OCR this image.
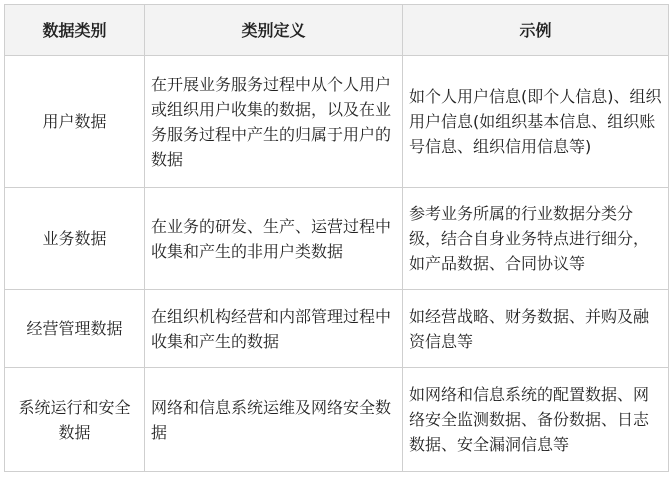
数据类别	类别定义	示例
用户数据	在开展业务服务过程中从个人用户或组织用户收集的数据，以及在业务服务过程中产生的归属于用户的数据	如个人用户信息(即个人信息)、组织用户信息(如组织基本信息、组织账号信息、组织信用信息等)
业务数据	在业务的研发、生产、运营过程中收集和产生的非用户类数据	参考业务所属的行业数据分类分级，结合自身业务特点进行细分，如产品数据、合同协议等
经营管理数据	在组织机构经营和内部管理过程中收集和产生的数据	如经营战略、财务数据、并购及融资信息等
系统运行和安全数据	网络和信息系统运维及网络安全数据	如网络和信息系统的配置数据、网络安全监测数据、备份数据、日志数据、安全漏洞信息等
